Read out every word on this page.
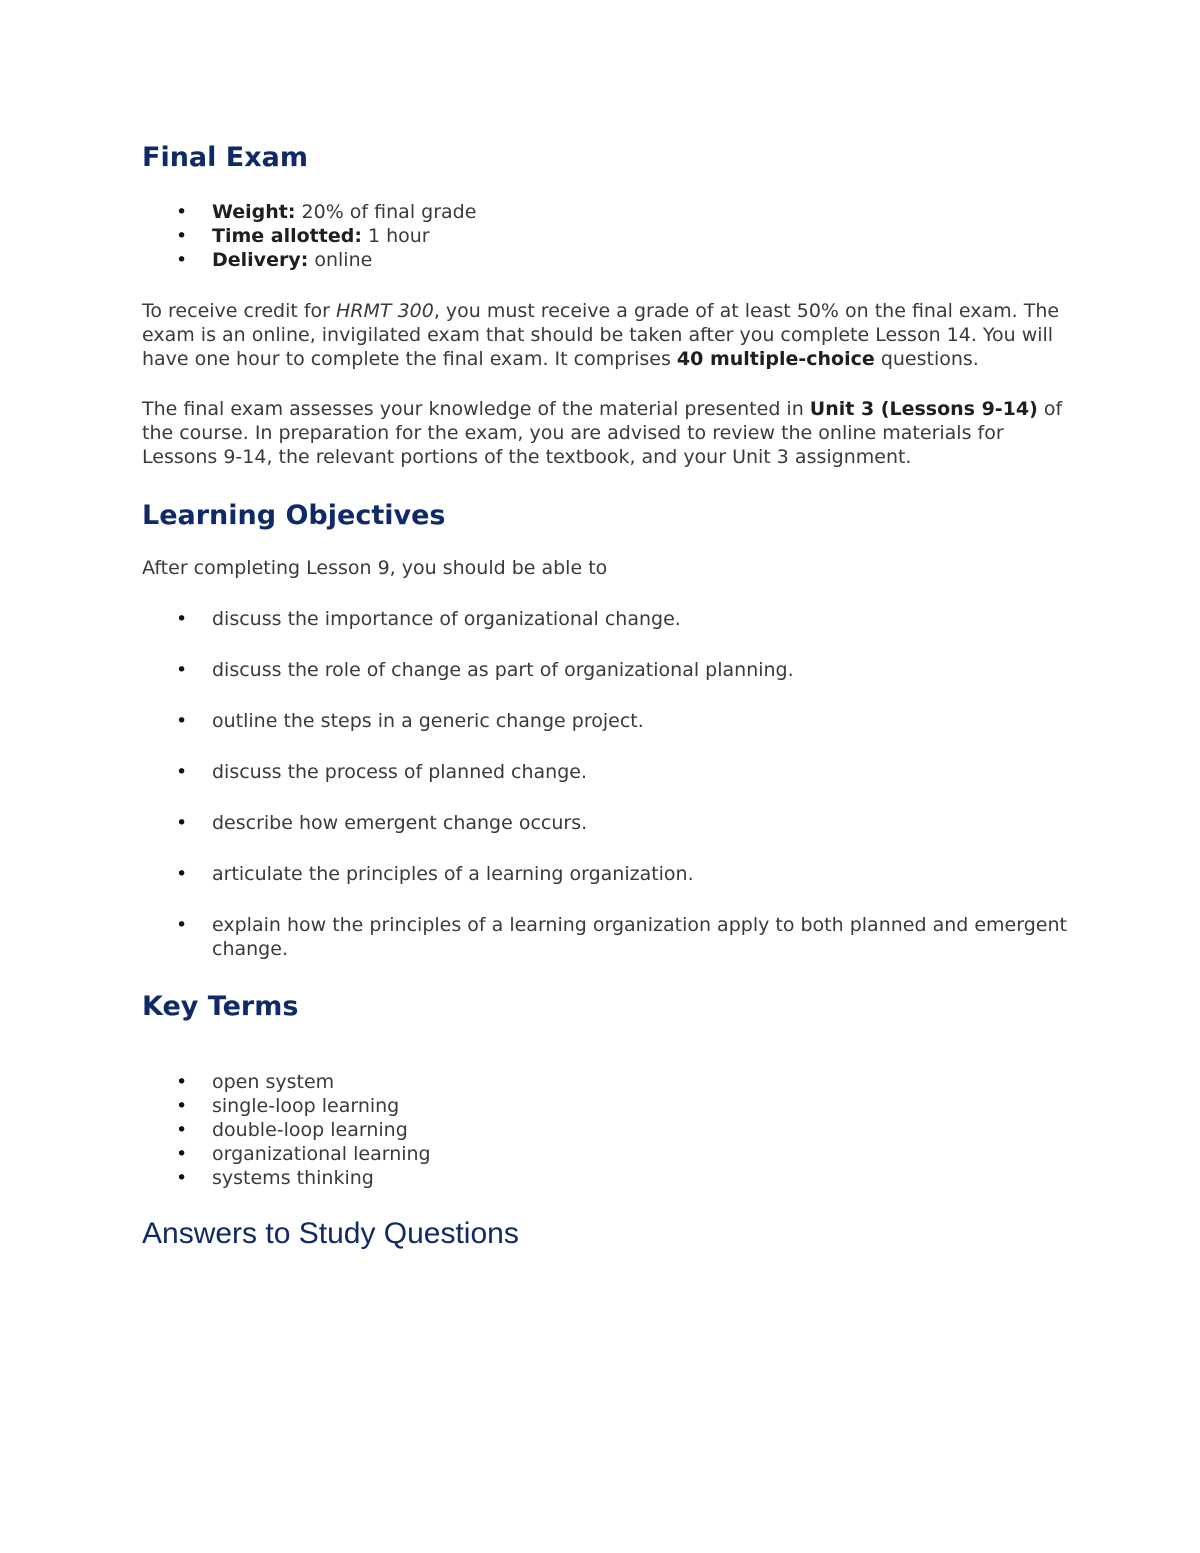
Final Exam
• Weight: 20% of final grade
• Time allotted: 1 hour
• Delivery: online

To receive credit for HRMT 300, you must receive a grade of at least 50% on the final exam. The exam is an online, invigilated exam that should be taken after you complete Lesson 14. You will have one hour to complete the final exam. It comprises 40 multiple-choice questions.

The final exam assesses your knowledge of the material presented in Unit 3 (Lessons 9-14) of the course. In preparation for the exam, you are advised to review the online materials for Lessons 9-14, the relevant portions of the textbook, and your Unit 3 assignment.

Learning Objectives

After completing Lesson 9, you should be able to

• discuss the importance of organizational change.
• discuss the role of change as part of organizational planning.
• outline the steps in a generic change project.
• discuss the process of planned change.
• describe how emergent change occurs.
• articulate the principles of a learning organization.
• explain how the principles of a learning organization apply to both planned and emergent change.
Key Terms
• open system
• single-loop learning
• double-loop learning
• organizational learning
• systems thinking
Answers to Study Questions
